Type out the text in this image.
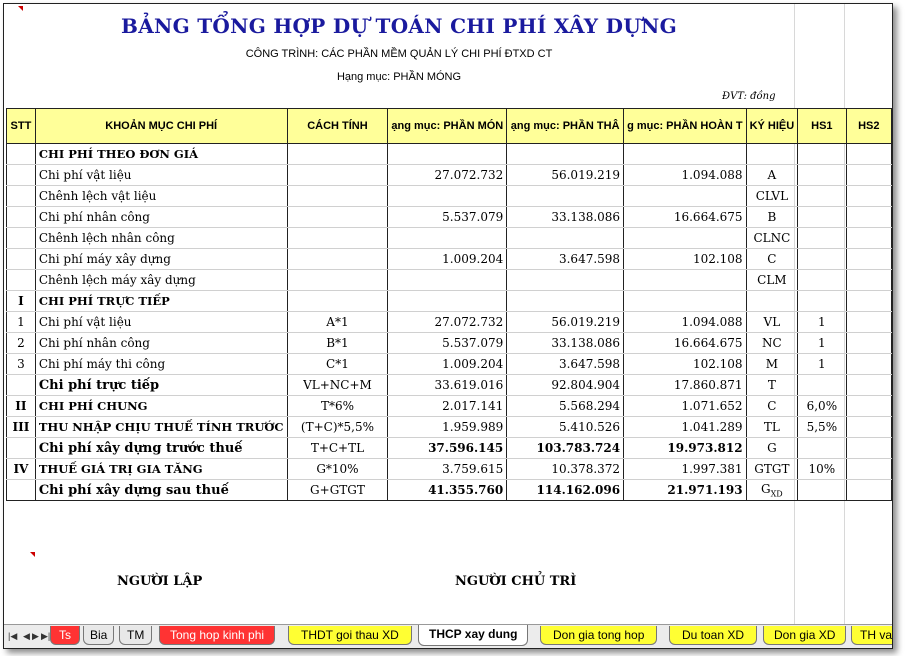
BẢNG TỔNG HỢP DỰ TOÁN CHI PHÍ XÂY DỰNG
CÔNG TRÌNH: CÁC PHẦN MỀM QUẢN LÝ CHI PHÍ ĐTXD CT
Hạng mục: PHẦN MÓNG
ĐVT: đồng
STT	KHOẢN MỤC CHI PHÍ	CÁCH TÍNH	ạng mục: PHẦN MÓN	ạng mục: PHẦN THÂ	g mục: PHẦN HOÀN T	KÝ HIỆU	HS1	HS2
	CHI PHÍ THEO ĐƠN GIÁ							
	Chi phí vật liệu		27.072.732	56.019.219	1.094.088	A		
	Chênh lệch vật liệu					CLVL		
	Chi phí nhân công		5.537.079	33.138.086	16.664.675	B		
	Chênh lệch nhân công					CLNC		
	Chi phí máy xây dựng		1.009.204	3.647.598	102.108	C		
	Chênh lệch máy xây dựng					CLM		
I	CHI PHÍ TRỰC TIẾP							
1	Chi phí vật liệu	A*1	27.072.732	56.019.219	1.094.088	VL	1	
2	Chi phí nhân công	B*1	5.537.079	33.138.086	16.664.675	NC	1	
3	Chi phí máy thi công	C*1	1.009.204	3.647.598	102.108	M	1	
	Chi phí trực tiếp	VL+NC+M	33.619.016	92.804.904	17.860.871	T		
II	CHI PHÍ CHUNG	T*6%	2.017.141	5.568.294	1.071.652	C	6,0%	
III	THU NHẬP CHỊU THUẾ TÍNH TRƯỚC	(T+C)*5,5%	1.959.989	5.410.526	1.041.289	TL	5,5%	
	Chi phí xây dựng trước thuế	T+C+TL	37.596.145	103.783.724	19.973.812	G		
IV	THUẾ GIÁ TRỊ GIA TĂNG	G*10%	3.759.615	10.378.372	1.997.381	GTGT	10%	
	Chi phí xây dựng sau thuế	G+GTGT	41.355.760	114.162.096	21.971.193	$G_{XD}$		
NGƯỜI LẬP	NGƯỜI CHỦ TRÌ
|◀ ◀ ▶ ▶| Ts	Bia	TM	Tong hop kinh phi	THDT goi thau XD	THCP xay dung	Don gia tong hop	Du toan XD	Don gia XD	TH va
